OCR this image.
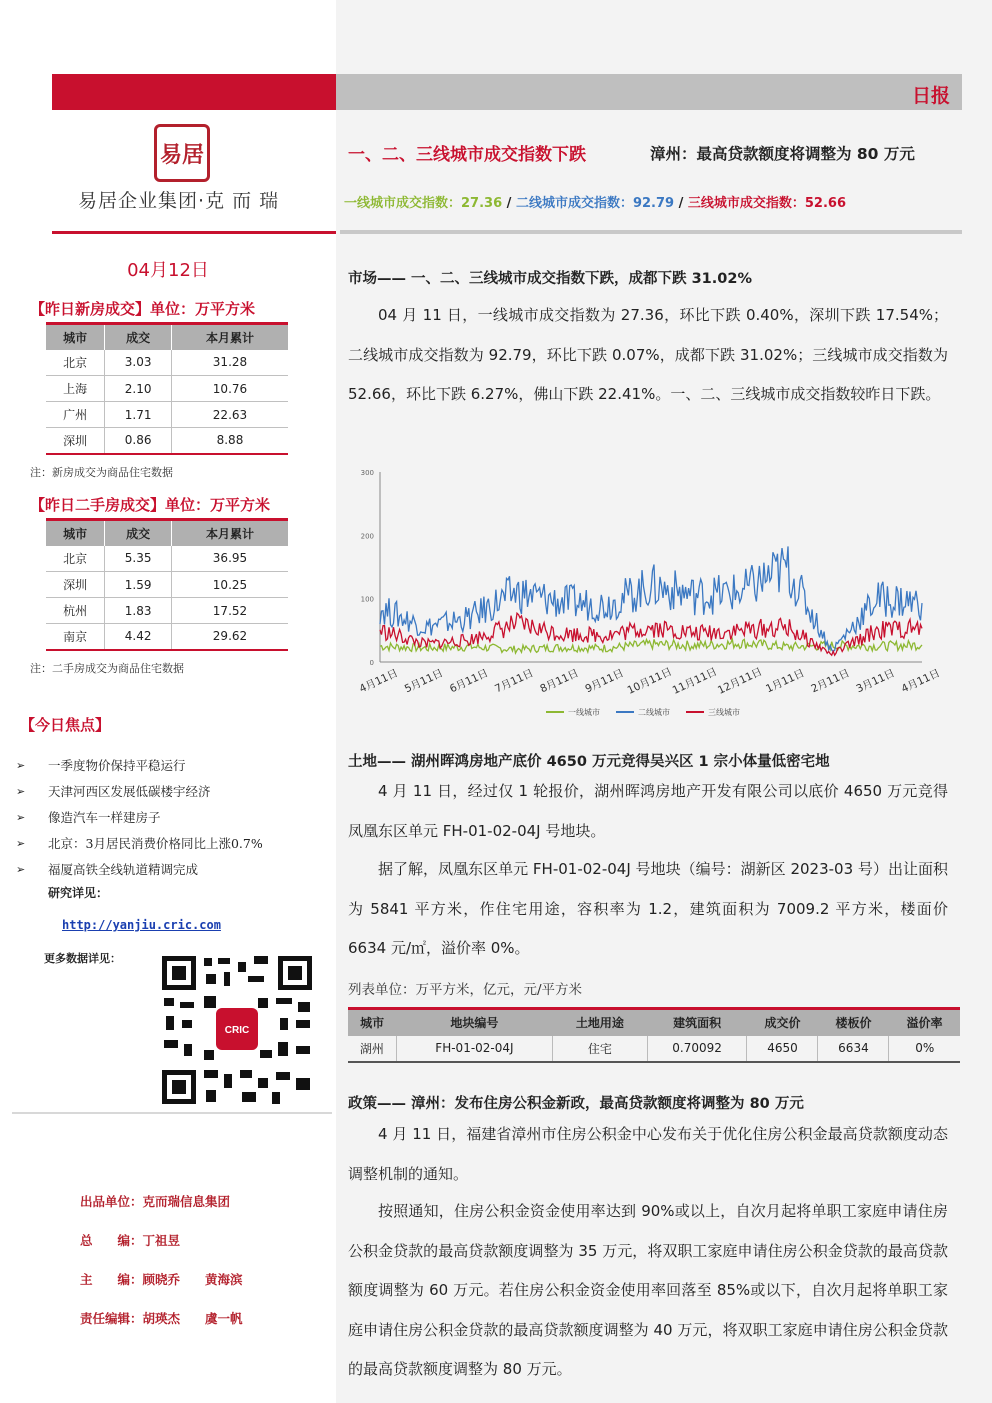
易居
易居企业集团·克 而 瑞
04月12日
【昨日新房成交】单位：万平方米
城市	成交	本月累计
北京	3.03	31.28
上海	2.10	10.76
广州	1.71	22.63
深圳	0.86	8.88
注：新房成交为商品住宅数据
【昨日二手房成交】单位：万平方米
城市	成交	本月累计
北京	5.35	36.95
深圳	1.59	10.25
杭州	1.83	17.52
南京	4.42	29.62
注：二手房成交为商品住宅数据
【今日焦点】
➢	一季度物价保持平稳运行
➢	天津河西区发展低碳楼宇经济
➢	像造汽车一样建房子
➢	北京：3月居民消费价格同比上涨0.7%
➢	福厦高铁全线轨道精调完成
研究详见：
http://yanjiu.cric.com
更多数据详见：
CRIC
出品单位：克而瑞信息集团
总　　编：丁祖昱
主　　编：顾晓乔　　黄海滨
责任编辑：胡瑛杰　　虞一帆
日报
一、二、三线城市成交指数下跌	漳州：最高贷款额度将调整为 80 万元
一线城市成交指数：27.36 / 二线城市成交指数：92.79 / 三线城市成交指数：52.66
市场—— 一、二、三线城市成交指数下跌，成都下跌 31.02%
04 月 11 日，一线城市成交指数为 27.36，环比下跌 0.40%，深圳下跌 17.54%；二线城市成交指数为 92.79，环比下跌 0.07%，成都下跌 31.02%；三线城市成交指数为 52.66，环比下跌 6.27%，佛山下跌 22.41%。一、二、三线城市成交指数较昨日下跌。
0
100
200
300
4月11日 5月11日 6月11日 7月11日 8月11日 9月11日 10月11日
11月11日
12月11日 1月11日 2月11日 3月11日 4月11日
一线城市	二线城市	三线城市
土地—— 湖州晖鸿房地产底价 4650 万元竞得吴兴区 1 宗小体量低密宅地
4 月 11 日，经过仅 1 轮报价，湖州晖鸿房地产开发有限公司以底价 4650 万元竞得凤凰东区单元 FH-01-02-04J 号地块。
据了解，凤凰东区单元 FH-01-02-04J 号地块（编号：湖新区 2023-03 号）出让面积为 5841 平方米，作住宅用途，容积率为 1.2，建筑面积为 7009.2 平方米，楼面价 6634 元/㎡，溢价率 0%。
列表单位：万平方米，亿元，元/平方米
城市	地块编号	土地用途	建筑面积	成交价	楼板价	溢价率
湖州	FH-01-02-04J	住宅	0.70092	4650	6634	0%
政策—— 漳州：发布住房公积金新政，最高贷款额度将调整为 80 万元
4 月 11 日，福建省漳州市住房公积金中心发布关于优化住房公积金最高贷款额度动态调整机制的通知。
按照通知，住房公积金资金使用率达到 90%或以上，自次月起将单职工家庭申请住房公积金贷款的最高贷款额度调整为 35 万元，将双职工家庭申请住房公积金贷款的最高贷款额度调整为 60 万元。若住房公积金资金使用率回落至 85%或以下，自次月起将单职工家庭申请住房公积金贷款的最高贷款额度调整为 40 万元，将双职工家庭申请住房公积金贷款的最高贷款额度调整为 80 万元。
